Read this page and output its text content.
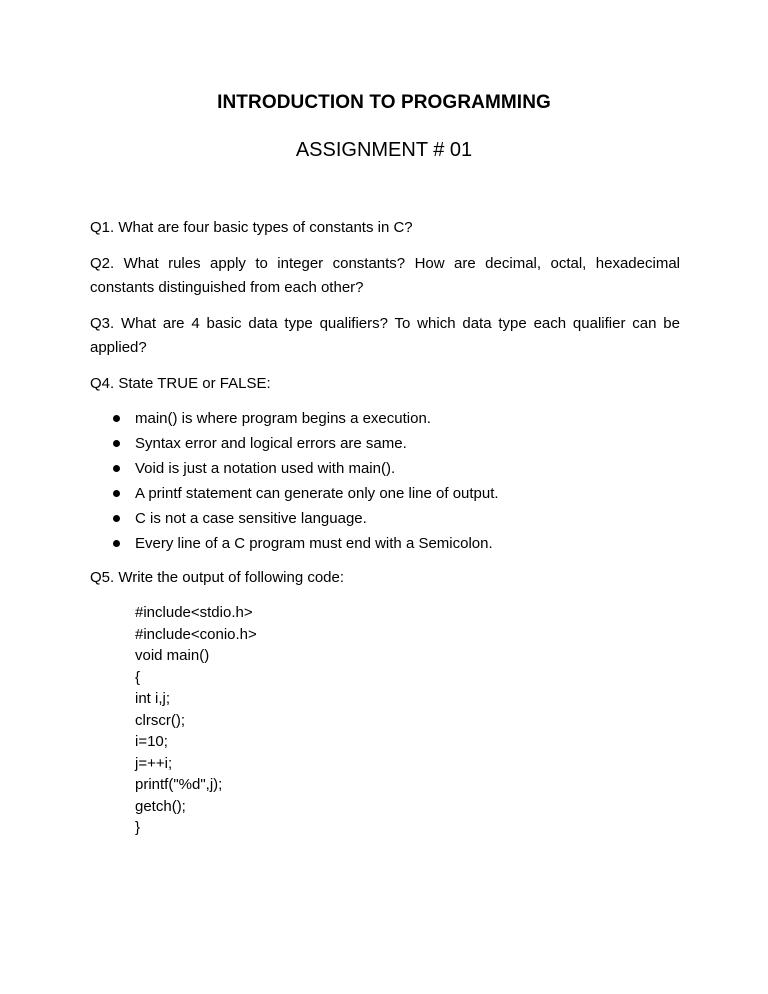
INTRODUCTION TO PROGRAMMING
ASSIGNMENT # 01

Q1. What are four basic types of constants in C?

Q2. What rules apply to integer constants? How are decimal, octal, hexadecimal constants distinguished from each other?

Q3. What are 4 basic data type qualifiers? To which data type each qualifier can be applied?

Q4. State TRUE or FALSE:

main() is where program begins a execution.
Syntax error and logical errors are same.
Void is just a notation used with main().
A printf statement can generate only one line of output.
C is not a case sensitive language.
Every line of a C program must end with a Semicolon.

Q5. Write the output of following code:

#include<stdio.h>
#include<conio.h>
void main()
{
int i,j;
clrscr();
i=10;
j=++i;
printf("%d",j);
getch();
}
